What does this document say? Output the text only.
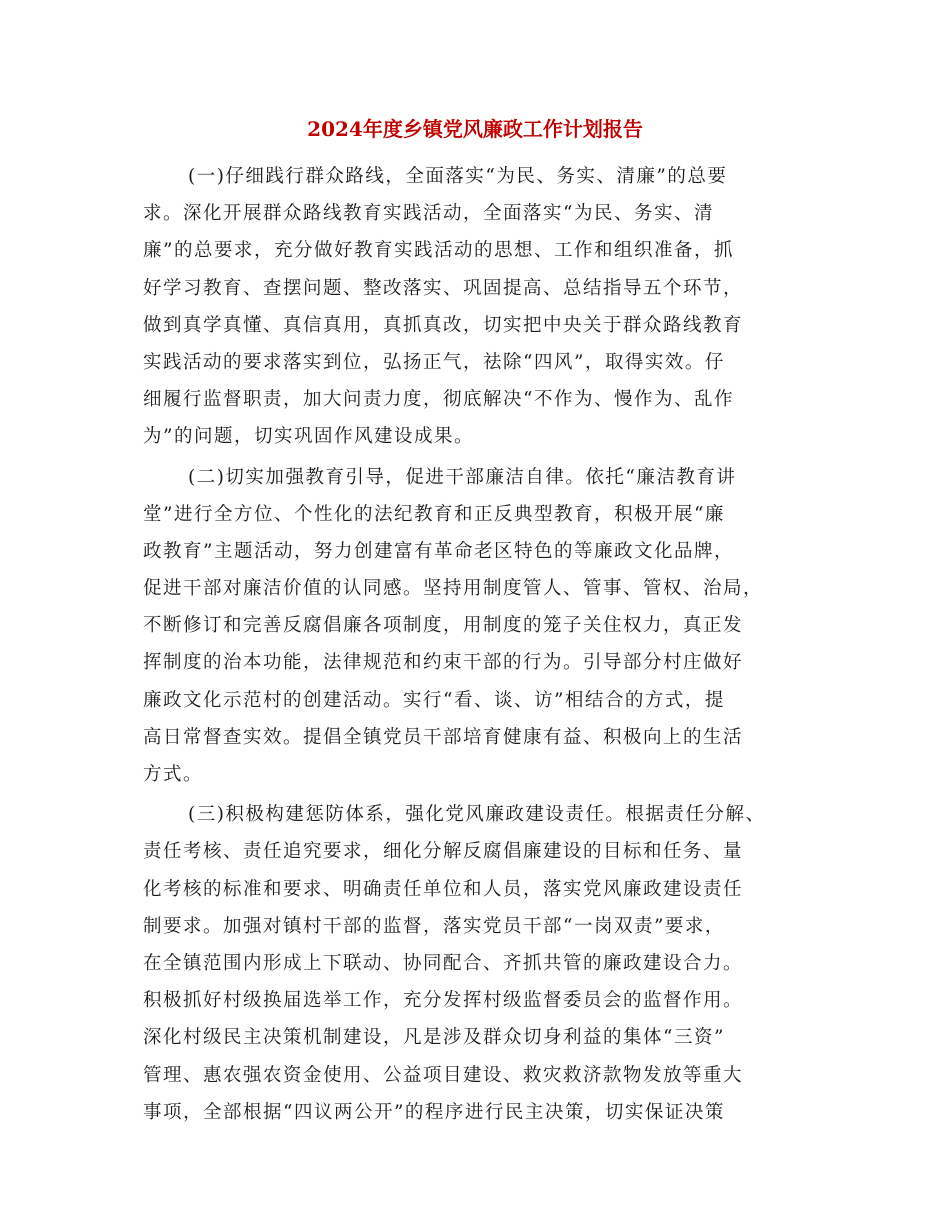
2024年度乡镇党风廉政工作计划报告
(一)仔细践行群众路线，全面落实“为民、务实、清廉”的总要
求。深化开展群众路线教育实践活动，全面落实“为民、务实、清
廉”的总要求，充分做好教育实践活动的思想、工作和组织准备，抓
好学习教育、查摆问题、整改落实、巩固提高、总结指导五个环节，
做到真学真懂、真信真用，真抓真改，切实把中央关于群众路线教育
实践活动的要求落实到位，弘扬正气，祛除“四风”，取得实效。仔
细履行监督职责，加大问责力度，彻底解决“不作为、慢作为、乱作
为”的问题，切实巩固作风建设成果。
(二)切实加强教育引导，促进干部廉洁自律。依托“廉洁教育讲
堂”进行全方位、个性化的法纪教育和正反典型教育，积极开展“廉
政教育”主题活动，努力创建富有革命老区特色的等廉政文化品牌，
促进干部对廉洁价值的认同感。坚持用制度管人、管事、管权、治局，
不断修订和完善反腐倡廉各项制度，用制度的笼子关住权力，真正发
挥制度的治本功能，法律规范和约束干部的行为。引导部分村庄做好
廉政文化示范村的创建活动。实行“看、谈、访”相结合的方式，提
高日常督查实效。提倡全镇党员干部培育健康有益、积极向上的生活
方式。
(三)积极构建惩防体系，强化党风廉政建设责任。根据责任分解、
责任考核、责任追究要求，细化分解反腐倡廉建设的目标和任务、量
化考核的标准和要求、明确责任单位和人员，落实党风廉政建设责任
制要求。加强对镇村干部的监督，落实党员干部“一岗双责”要求，
在全镇范围内形成上下联动、协同配合、齐抓共管的廉政建设合力。
积极抓好村级换届选举工作，充分发挥村级监督委员会的监督作用。
深化村级民主决策机制建设，凡是涉及群众切身利益的集体“三资”
管理、惠农强农资金使用、公益项目建设、救灾救济款物发放等重大
事项，全部根据“四议两公开”的程序进行民主决策，切实保证决策
